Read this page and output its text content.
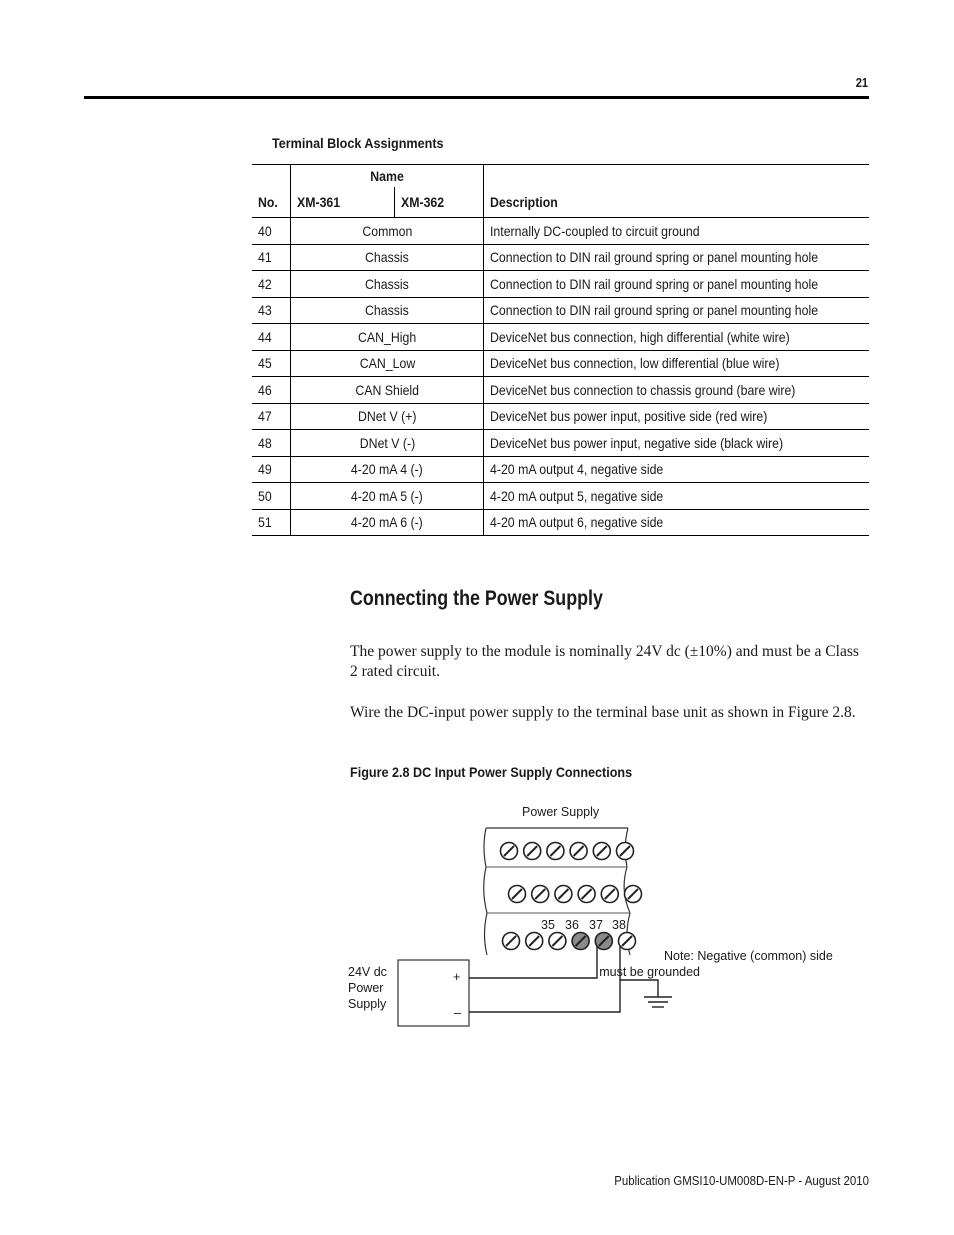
21
Terminal Block Assignments
	Name		
No.	XM-361	XM-362	Description
40	Common		Internally DC-coupled to circuit ground
41	Chassis		Connection to DIN rail ground spring or panel mounting hole
42	Chassis		Connection to DIN rail ground spring or panel mounting hole
43	Chassis		Connection to DIN rail ground spring or panel mounting hole
44	CAN_High		DeviceNet bus connection, high differential (white wire)
45	CAN_Low		DeviceNet bus connection, low differential (blue wire)
46	CAN Shield		DeviceNet bus connection to chassis ground (bare wire)
47	DNet V (+)		DeviceNet bus power input, positive side (red wire)
48	DNet V (-)		DeviceNet bus power input, negative side (black wire)
49	4-20 mA 4 (-)		4-20 mA output 4, negative side
50	4-20 mA 5 (-)		4-20 mA output 5, negative side
51	4-20 mA 6 (-)		4-20 mA output 6, negative side
Connecting the Power Supply

The power supply to the module is nominally 24V dc (±10%) and must be a Class 2 rated circuit.

Wire the DC-input power supply to the terminal base unit as shown in Figure 2.8.

Figure 2.8 DC Input Power Supply Connections
Power Supply
35 36 37 38
24V dc
Power
Supply
+
–
Note: Negative (common) side
must be grounded
Publication GMSI10-UM008D-EN-P - August 2010
